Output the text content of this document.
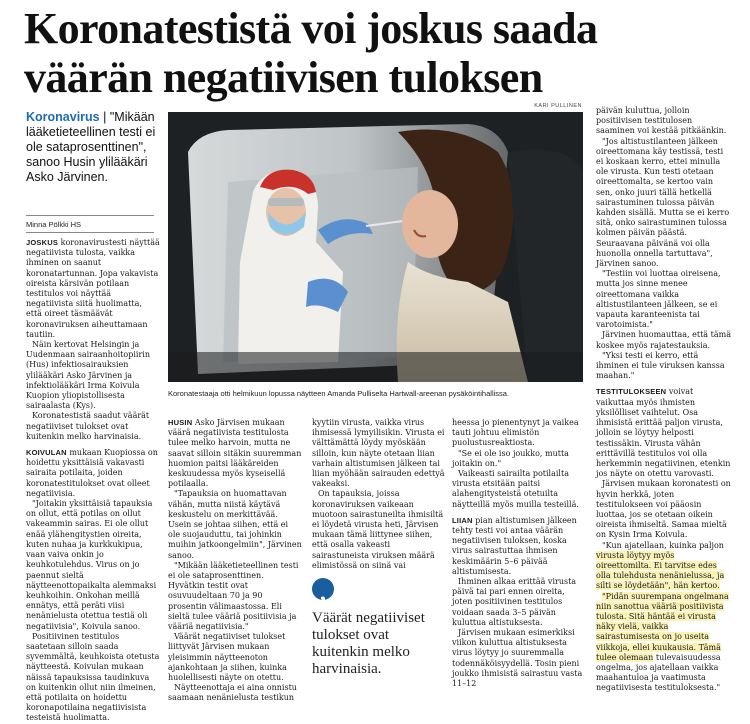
Koronatestistä voi joskus saada väärän negatiivisen tuloksen
Koronavirus | "Mikään lääketieteellinen testi ei ole sataprosenttinen", sanoo Husin ylilääkäri Asko Järvinen.
Minna Pölkki HS
KARI PULLINEN
Koronatestaaja otti helmikuun lopussa näytteen Amanda Pulliselta Hartwall-areenan pysäköintihallissa.

JOSKUS koronavirustesti näyttää negatiivista tulosta, vaikka ihminen on saanut koronatartunnan. Jopa vakavista oireista kärsivän potilaan testitulos voi näyttää negatiivista siitä huolimatta, että oireet täsmäävät koronaviruksen aiheuttamaan tautiin.

Näin kertovat Helsingin ja Uudenmaan sairaanhoitopiirin (Hus) infektiosairauksien ylilääkäri Asko Järvinen ja infektiolääkäri Irma Koivula Kuopion yliopistollisesta sairaalasta (Kys).

Koronatestistä saadut väärät negatiiviset tulokset ovat kuitenkin melko harvinaisia.

KOIVULAN mukaan Kuopiossa on hoidettu yksittäisiä vakavasti sairaita potilaita, joiden koronatestitulokset ovat olleet negatiivisia.

"Joitakin yksittäisiä tapauksia on ollut, että potilas on ollut vakeammin sairas. Ei ole ollut enää ylähengitystien oireita, kuten nuhaa ja kurkkukipua, vaan vaiva onkin jo keuhkotulehdus. Virus on jo paennut sieltä näytteenottopaikalta alemmaksi keuhkoihin. Onkohan meillä ennätys, että peräti viisi nenänielusta otettua testiä oli negatiivisia", Koivula sanoo.

Positiivinen testitulos saatetaan silloin saada syvemmältä, keuhkoista otetusta näytteestä. Koivulan mukaan näissä tapauksissa taudinkuva on kuitenkin ollut niin ilmeinen, että potilaita on hoidettu koronapotilaina negatiivisista testeistä huolimatta.

HUSIN Asko Järvisen mukaan väärä negatiivista testitulosta tulee melko harvoin, mutta ne saavat silloin sitäkin suuremman huomion paitsi lääkäreiden keskuudessa myös kyseisellä potilaalla.

"Tapauksia on huomattavan vähän, mutta niistä käytävä keskustelu on merkittävää. Usein se johtaa siihen, että ei ole suojauduttu, tai johinkin muihin jatkoongelmiin", Järvinen sanoo.

"Mikään lääketieteellinen testi ei ole sataprosenttinen. Hyvätkin testit ovat osuvuudeltaan 70 ja 90 prosentin välimaastossa. Eli sieltä tulee vääriä positiivisia ja vääriä negatiivisia."

Väärät negatiiviset tulokset liittyvät Järvisen mukaan yleisimmin näytteenoton ajankohtaan ja siihen, kuinka huolellisesti näyte on otettu.

Näytteenottaja ei aina onnistu saamaan nenänielusta testikun

kyytiin virusta, vaikka virus ihmisessä lymyilisikin. Virusta ei välttämättä löydy myöskään silloin, kun näyte otetaan liian varhain altistumisen jälkeen tai liian myöhään sairauden edettyä vakeaksi.

On tapauksia, joissa koronaviruksen vaikeaan muotoon sairastuneilta ihmisiltä ei löydetä virusta heti, Järvisen mukaan tämä liittynee siihen, että osalla vakeasti sairastuneista viruksen määrä elimistössä on siinä vai

,
Väärät negatiiviset tulokset ovat kuitenkin melko harvinaisia.

heessa jo pienentynyt ja vaikea tauti johtuu elimistön puolustusreaktiosta.

"Se ei ole iso joukko, mutta joitakin on."

Vaikeasti sairailta potilailta virusta etsitään paitsi alahengitysteistä otetuilta näytteillä myös muilla testeillä.

LIIAN pian altistumisen jälkeen tehty testi voi antaa väärän negatiivisen tuloksen, koska virus sairastuttaa ihmisen keskimäärin 5–6 päivää altistumisesta.

Ihminen alkaa erittää virusta päivä tai pari ennen oireita, joten positiivinen testitulos voidaan saada 3–5 päivän kuluttua altistuksesta.

Järvisen mukaan esimerkiksi viikon kuluttua altistuksesta virus löytyy jo suuremmalla todennäköisyydellä. Tosin pieni joukko ihmisistä sairastuu vasta 11–12

päivän kuluttua, jolloin positiivisen testitulosen saaminen voi kestää pitkäänkin.

"Jos altistustilanteen jälkeen oireettomana käy testissä, testi ei koskaan kerro, ettei minulla ole virusta. Kun testi otetaan oireettomalta, se kertoo vain sen, onko juuri tällä hetkellä sairastuminen tulossa päivän kahden sisällä. Mutta se ei kerro sitä, onko sairastuminen tulossa kolmen päivän päästä. Seuraavana päivänä voi olla huonolla onnella tartuttava", Järvinen sanoo.

"Testiin voi luottaa oireisena, mutta jos sinne menee oireettomana vaikka altistustilanteen jälkeen, se ei vapauta karanteenista tai varotoimista."

Järvinen huomauttaa, että tämä koskee myös rajatestauksia.

"Yksi testi ei kerro, että ihminen ei tule viruksen kanssa maahan."

TESTITULOKSEEN voivat vaikuttaa myös ihmisten yksilölliset vaihtelut. Osa ihmisistä erittää paljon virusta, jolloin se löytyy helposti testissäkin. Virusta vähän erittävillä testitulos voi olla herkemmin negatiivinen, etenkin jos näyte on otettu varovasti.

Järvisen mukaan koronatesti on hyvin herkkä, joten testitulokseen voi pääosin luottaa, jos se otetaan oikein oireista ihmiseltä. Samaa mieltä on Kysin Irma Koivula.

"Kun ajatellaan, kuinka paljon virusta löytyy myös oireettomilta. Ei tarvitse edes olla tulehdusta nenänielussa, ja silti se löydetään", hän kertoo.

"Pidän suurempana ongelmana niin sanottua vääriä positiivista tulosta. Sitä häntää ei virusta näky vielä, vaikka sairastumisesta on jo useita viikkoja, ellei kuukausia. Tämä tulee olemaan tulevaisuudessa ongelma, jos ajatellaan vaikka maahantuloa ja vaatimusta negatiivisesta testituloksesta."
